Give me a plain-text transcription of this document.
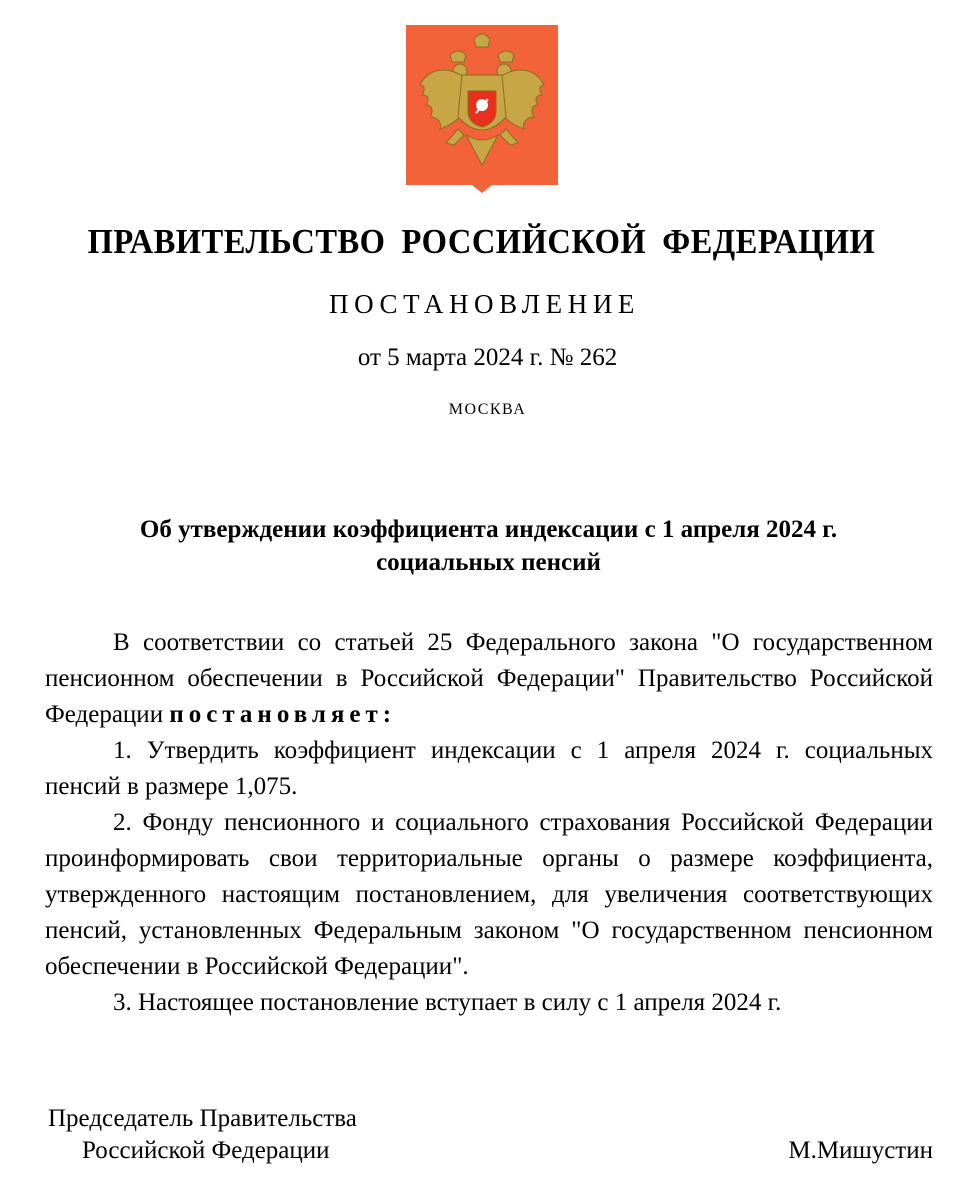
ПРАВИТЕЛЬСТВО РОССИЙСКОЙ ФЕДЕРАЦИИ
ПОСТАНОВЛЕНИЕ
от 5 марта 2024 г. № 262
МОСКВА
Об утверждении коэффициента индексации с 1 апреля 2024 г.
социальных пенсий

В соответствии со статьей 25 Федерального закона "О государственном пенсионном обеспечении в Российской Федерации" Правительство Российской Федерации постановляет:

1. Утвердить коэффициент индексации с 1 апреля 2024 г. социальных пенсий в размере 1,075.

2. Фонду пенсионного и социального страхования Российской Федерации проинформировать свои территориальные органы о размере коэффициента, утвержденного настоящим постановлением, для увеличения соответствующих пенсий, установленных Федеральным законом "О государственном пенсионном обеспечении в Российской Федерации".

3. Настоящее постановление вступает в силу с 1 апреля 2024 г.

Председатель Правительства
Российской Федерации	М.Мишустин
